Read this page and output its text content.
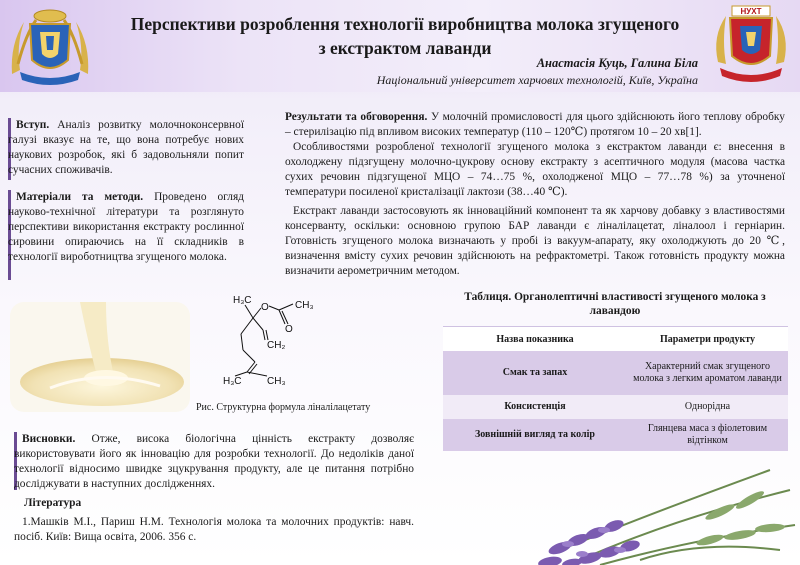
НУХТ
Перспективи розроблення технології виробництва молока згущеного
з екстрактом лаванди
Анастасія Куць, Галина Біла
Національний університет харчових технологій, Київ, Україна
Вступ. Аналіз розвитку молочноконсервної галузі вказує на те, що вона потребує нових наукових розробок, які б задовольняли попит сучасних споживачів.
Матеріали та методи. Проведено огляд науково-технічної літератури та розглянуто перспективи використання екстракту рослинної сировини опираючись на її складників в технології вироботництва згущеного молока.
H₃C
O	CH₃
O
CH₂
H₃C	CH₃
Рис. Структурна формула ліналілацетату
Результати та обговорення. У молочній промисловості для цього здійснюють його теплову обробку – стерилізацію під впливом високих температур (110 – 120℃) протягом 10 – 20 хв[1].
Особливостями розробленої технології згущеного молока з екстрактом лаванди є: внесення в охолоджену підзгущену молочно-цукрову основу екстракту з асептичного модуля (масова частка сухих речовин підзгущеної МЦО – 74…75 %, охолодженої МЦО – 77…78 %) за уточненої температури посиленої кристалізації лактози (38…40 ℃).
Екстракт лаванди застосовують як інноваційний компонент та як харчову добавку з властивостями консерванту, оскільки: основною групою БАР лаванди є ліналілацетат, ліналоол і герніарин. Готовність згущеного молока визначають у пробі із вакуум-апарату, яку охолоджують до 20 ℃, визначення вмісту сухих речовин здійснюють на рефрактометрі. Також готовність продукту можна визначити аерометричним методом.
Таблиця. Органолептичні властивості згущеного молока з лавандою
Назва показника	Параметри продукту
Смак та запах	Характерний смак згущеного молока з легким ароматом лаванди
Консистенція	Однорідна
Зовнішній вигляд та колір	Глянцева маса з фіолетовим відтінком
Висновки. Отже, висока біологічна цінність екстракту дозволяє використовувати його як інновацію для розробки технології. До недоліків даної технології відносимо швидке зцукрування продукту, але це питання потрібно досліджувати в наступних дослідженнях.
Література
1.Машків М.І., Париш Н.М. Технологія молока та молочних продуктів: навч. посіб. Київ: Вища освіта, 2006. 356 с.
